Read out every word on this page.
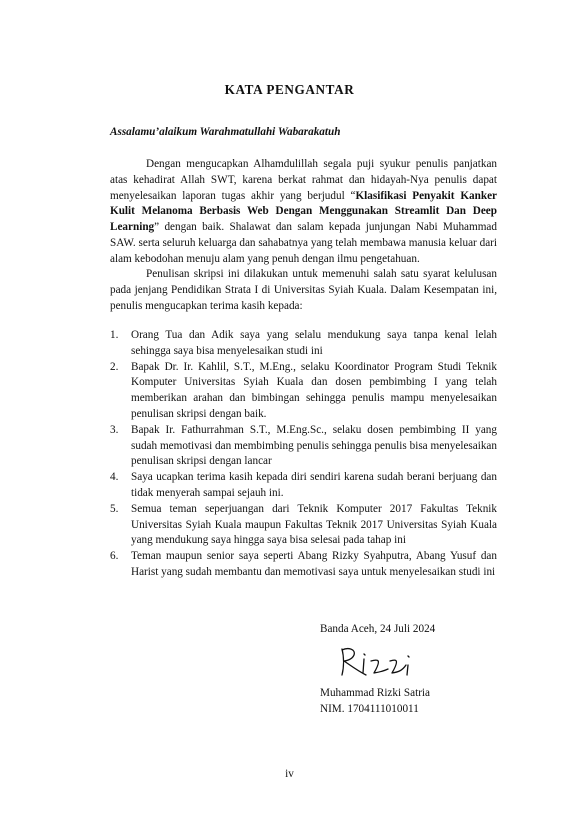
KATA PENGANTAR
Assalamu’alaikum Warahmatullahi Wabarakatuh
Dengan mengucapkan Alhamdulillah segala puji syukur penulis panjatkan atas kehadirat Allah SWT, karena berkat rahmat dan hidayah-Nya penulis dapat menyelesaikan laporan tugas akhir yang berjudul “Klasifikasi Penyakit Kanker Kulit Melanoma Berbasis Web Dengan Menggunakan Streamlit Dan Deep Learning” dengan baik. Shalawat dan salam kepada junjungan Nabi Muhammad SAW. serta seluruh keluarga dan sahabatnya yang telah membawa manusia keluar dari alam kebodohan menuju alam yang penuh dengan ilmu pengetahuan.
Penulisan skripsi ini dilakukan untuk memenuhi salah satu syarat kelulusan pada jenjang Pendidikan Strata I di Universitas Syiah Kuala. Dalam Kesempatan ini, penulis mengucapkan terima kasih kepada:
1.	Orang Tua dan Adik saya yang selalu mendukung saya tanpa kenal lelah sehingga saya bisa menyelesaikan studi ini
2.	Bapak Dr. Ir. Kahlil, S.T., M.Eng., selaku Koordinator Program Studi Teknik Komputer Universitas Syiah Kuala dan dosen pembimbing I yang telah memberikan arahan dan bimbingan sehingga penulis mampu menyelesaikan penulisan skripsi dengan baik.
3.	Bapak Ir. Fathurrahman S.T., M.Eng.Sc., selaku dosen pembimbing II yang sudah memotivasi dan membimbing penulis sehingga penulis bisa menyelesaikan penulisan skripsi dengan lancar
4.	Saya ucapkan terima kasih kepada diri sendiri karena sudah berani berjuang dan tidak menyerah sampai sejauh ini.
5.	Semua teman seperjuangan dari Teknik Komputer 2017 Fakultas Teknik Universitas Syiah Kuala maupun Fakultas Teknik 2017 Universitas Syiah Kuala yang mendukung saya hingga saya bisa selesai pada tahap ini
6.	Teman maupun senior saya seperti Abang Rizky Syahputra, Abang Yusuf dan Harist yang sudah membantu dan memotivasi saya untuk menyelesaikan studi ini
Banda Aceh, 24 Juli 2024
Muhammad Rizki Satria
NIM. 1704111010011
iv
